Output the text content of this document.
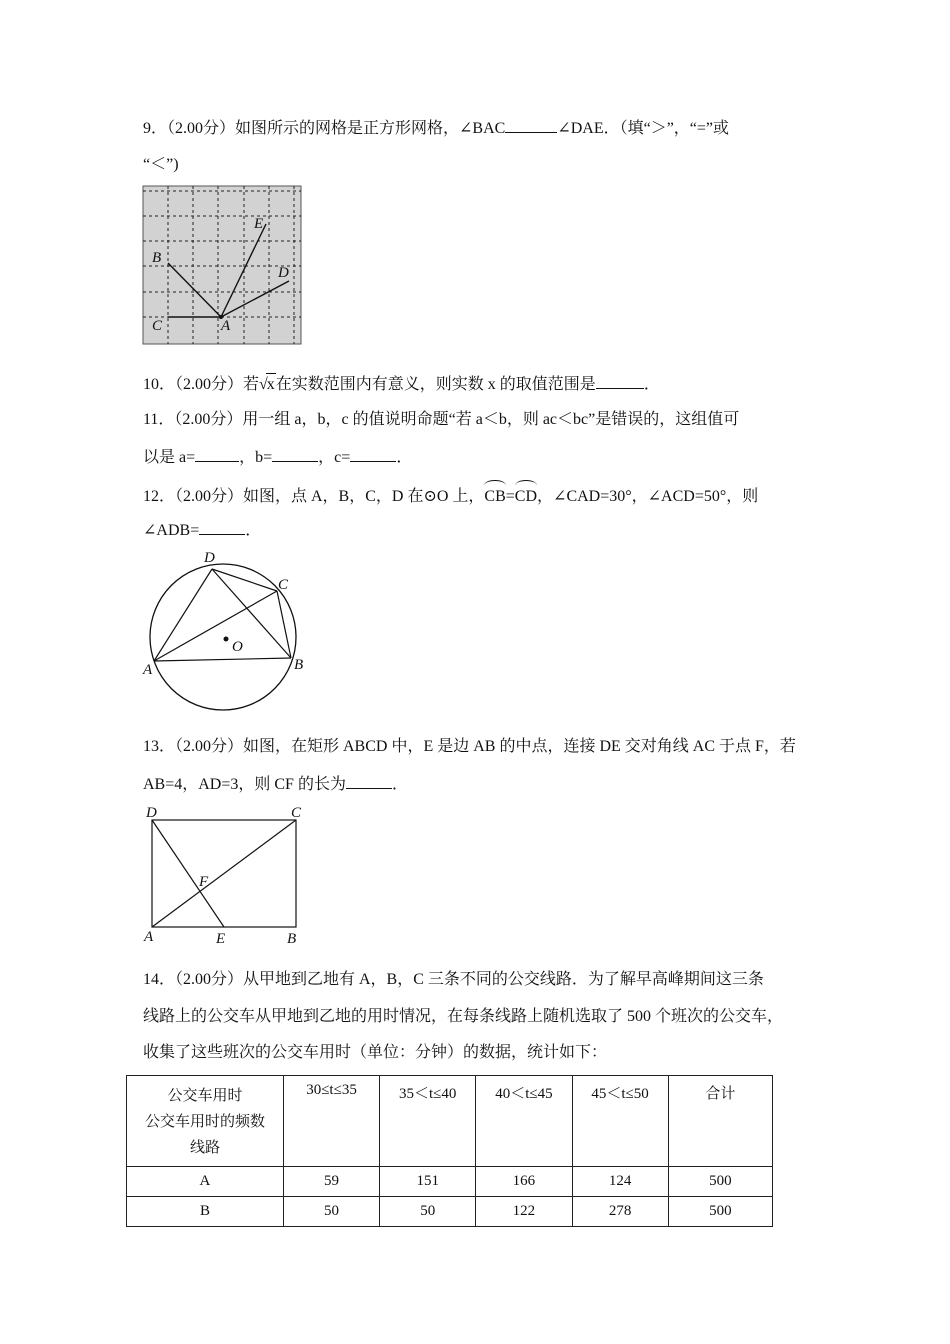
9．（2.00分）如图所示的网格是正方形网格，∠BAC	∠DAE．（填“＞”，“=”或
“＜”)
E
B
D
C	A
10．（2.00分）若√x在实数范围内有意义，则实数 x 的取值范围是	．
11．（2.00分）用一组 a，b，c 的值说明命题“若 a＜b，则 ac＜bc”是错误的，这组值可
以是 a=	，b=	，c=	．
12．（2.00分）如图，点 A，B，C，D 在⊙O 上，CB=CD，∠CAD=30°，∠ACD=50°，则
∠ADB=	．
D
C
O
A	B
13．（2.00分）如图，在矩形 ABCD 中，E 是边 AB 的中点，连接 DE 交对角线 AC 于点 F，若
AB=4，AD=3，则 CF 的长为	．
D	C
F
A	E	B
14．（2.00分）从甲地到乙地有 A，B，C 三条不同的公交线路．为了解早高峰期间这三条
线路上的公交车从甲地到乙地的用时情况，在每条线路上随机选取了 500 个班次的公交车，
收集了这些班次的公交车用时（单位：分钟）的数据，统计如下：
公交车用时
公交车用时的频数
线路	30≤t≤35	35＜t≤40	40＜t≤45	45＜t≤50	合计
A	59	151	166	124	500
B	50	50	122	278	500
